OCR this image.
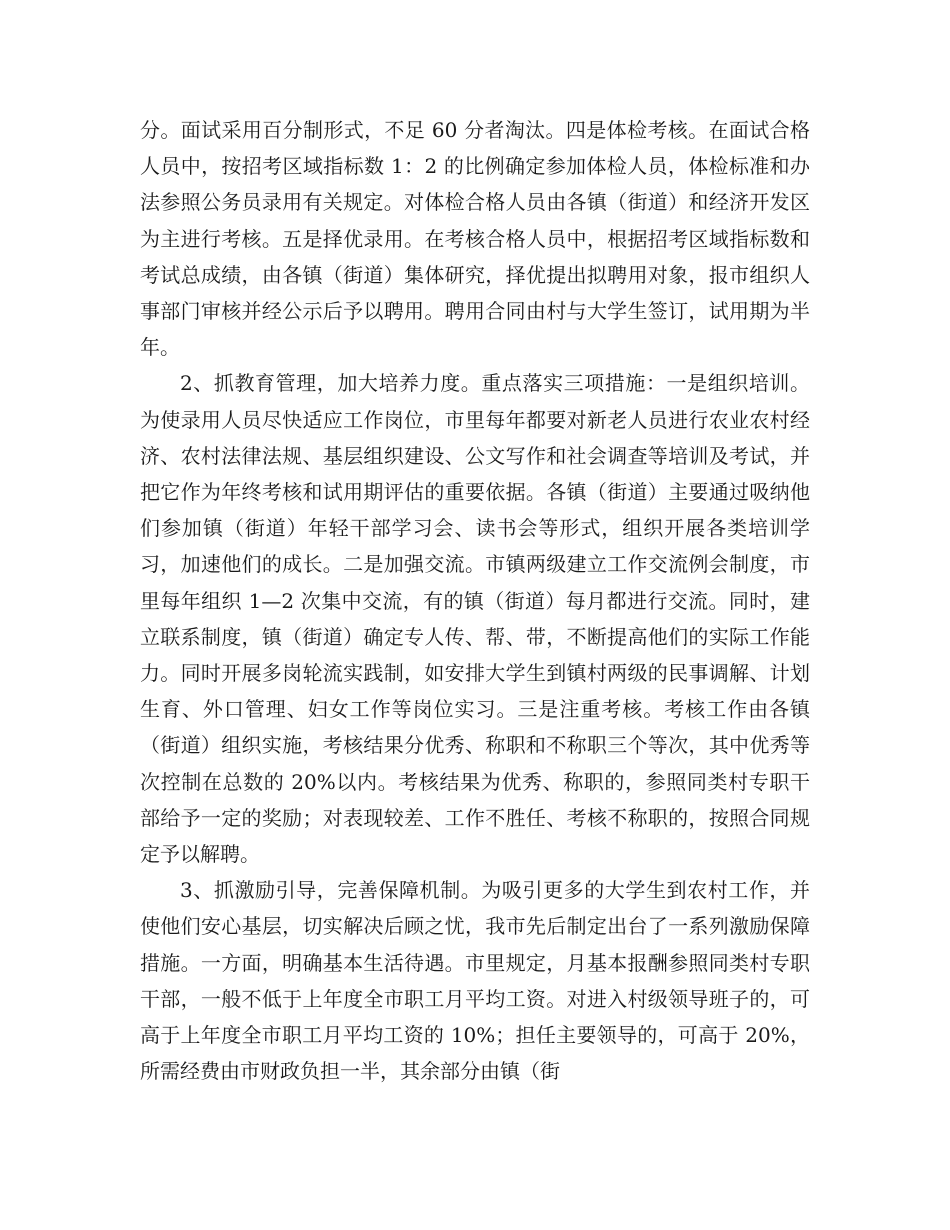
分。面试采用百分制形式，不足 60 分者淘汰。四是体检考核。在面试合格人员中，按招考区域指标数 1：2 的比例确定参加体检人员，体检标准和办法参照公务员录用有关规定。对体检合格人员由各镇（街道）和经济开发区为主进行考核。五是择优录用。在考核合格人员中，根据招考区域指标数和考试总成绩，由各镇（街道）集体研究，择优提出拟聘用对象，报市组织人事部门审核并经公示后予以聘用。聘用合同由村与大学生签订，试用期为半年。

2、抓教育管理，加大培养力度。重点落实三项措施：一是组织培训。为使录用人员尽快适应工作岗位，市里每年都要对新老人员进行农业农村经济、农村法律法规、基层组织建设、公文写作和社会调查等培训及考试，并把它作为年终考核和试用期评估的重要依据。各镇（街道）主要通过吸纳他们参加镇（街道）年轻干部学习会、读书会等形式，组织开展各类培训学习，加速他们的成长。二是加强交流。市镇两级建立工作交流例会制度，市里每年组织 1—2 次集中交流，有的镇（街道）每月都进行交流。同时，建立联系制度，镇（街道）确定专人传、帮、带，不断提高他们的实际工作能力。同时开展多岗轮流实践制，如安排大学生到镇村两级的民事调解、计划生育、外口管理、妇女工作等岗位实习。三是注重考核。考核工作由各镇（街道）组织实施，考核结果分优秀、称职和不称职三个等次，其中优秀等次控制在总数的 20%以内。考核结果为优秀、称职的，参照同类村专职干部给予一定的奖励；对表现较差、工作不胜任、考核不称职的，按照合同规定予以解聘。

3、抓激励引导，完善保障机制。为吸引更多的大学生到农村工作，并使他们安心基层，切实解决后顾之忧，我市先后制定出台了一系列激励保障措施。一方面，明确基本生活待遇。市里规定，月基本报酬参照同类村专职干部，一般不低于上年度全市职工月平均工资。对进入村级领导班子的，可高于上年度全市职工月平均工资的 10%；担任主要领导的，可高于 20%，所需经费由市财政负担一半，其余部分由镇（街
